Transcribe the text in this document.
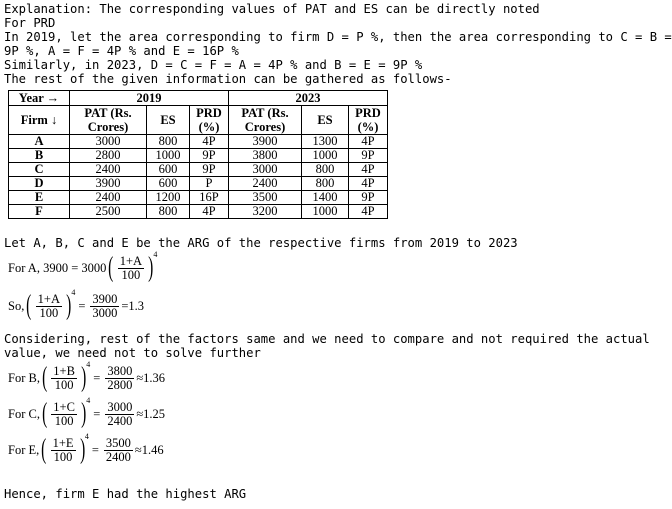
Explanation: The corresponding values of PAT and ES can be directly noted
For PRD
In 2019, let the area corresponding to firm D = P %, then the area corresponding to C = B =
9P %, A = F = 4P % and E = 16P %
Similarly, in 2023, D = C = F = A = 4P % and B = E = 9P %
The rest of the given information can be gathered as follows-
Year →	2019			2023		
Firm ↓	PAT (Rs.
Crores)	ES	PRD
(%)	PAT (Rs.
Crores)	ES	PRD
(%)
A	3000	800	4P	3900	1300	4P
B	2800	1000	9P	3800	1000	9P
C	2400	600	9P	3000	800	4P
D	3900	600	P	2400	800	4P
E	2400	1200	16P	3500	1400	9P
F	2500	800	4P	3200	1000	4P
Let A, B, C and E be the ARG of the respective firms from 2019 to 2023
For A, 3900 = 3000 ( $\frac{1+A}{100}$ ) 4
So, ( $\frac{1+A}{100}$ ) 4
= $\frac{3900}{3000} =1.3$
Considering, rest of the factors same and we need to compare and not required the actual
value, we need not to solve further
For B, ( $\frac{1+B}{100}$ ) 4
= $\frac{3800}{2800} \approx 1.36$
For C, ( $\frac{1+C}{100}$ ) 4
= $\frac{3000}{2400} \approx 1.25$
For E, ( $\frac{1+E}{100}$ ) 4
= $\frac{3500}{2400} \approx 1.46$
Hence, firm E had the highest ARG
